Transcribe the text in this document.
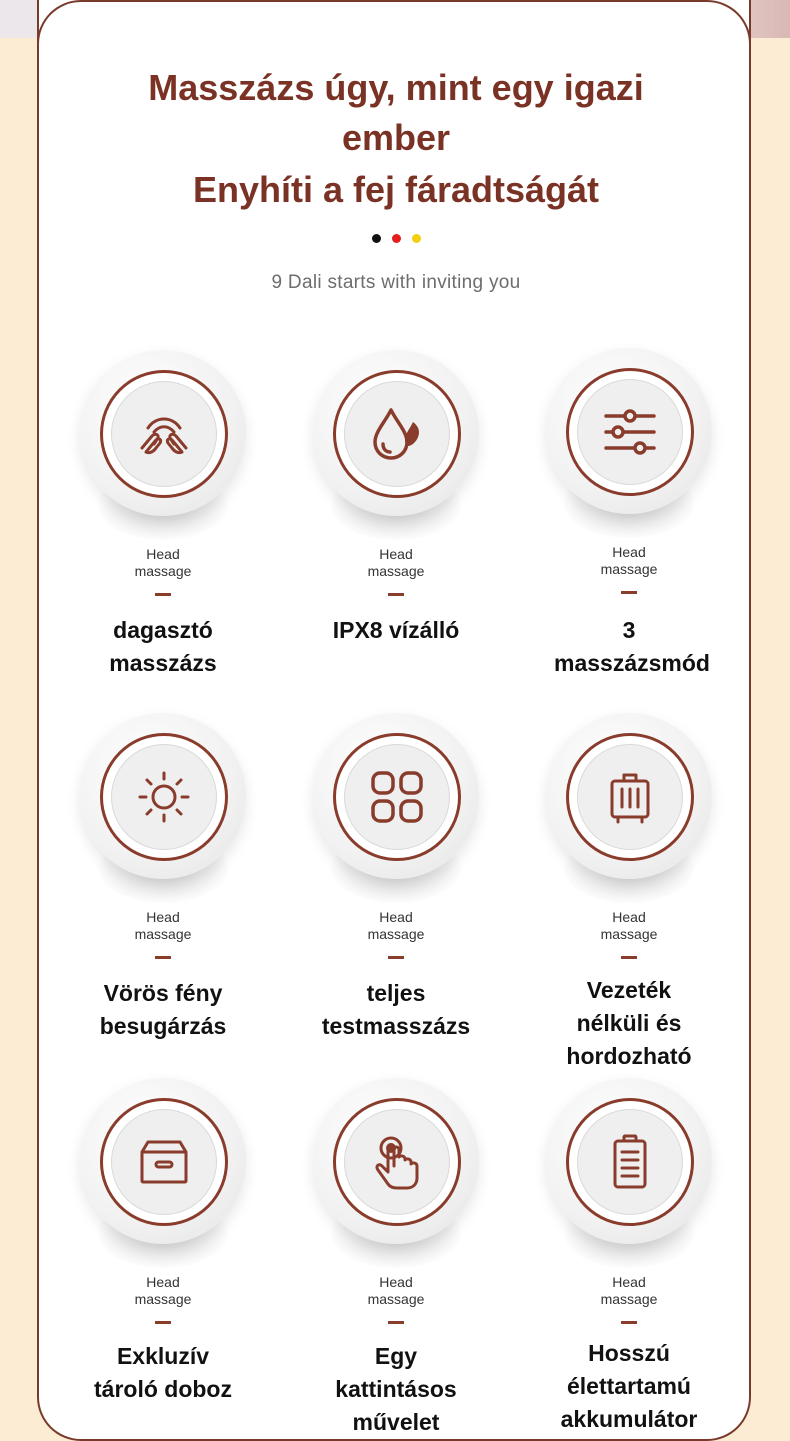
Masszázs úgy, mint egy igazi
ember
Enyhíti a fej fáradtságát
9 Dali starts with inviting you
Head
massage
dagasztó masszázs
Head
massage
IPX8 vízálló
Head
massage
3 masszázsmód
Head
massage
Vörös fény besugárzás
Head
massage
teljes testmasszázs
Head
massage
Vezeték nélküli és hordozható
Head
massage
Exkluzív tároló doboz
Head
massage
Egy kattintásos művelet
Head
massage
Hosszú élettartamú akkumulátor
